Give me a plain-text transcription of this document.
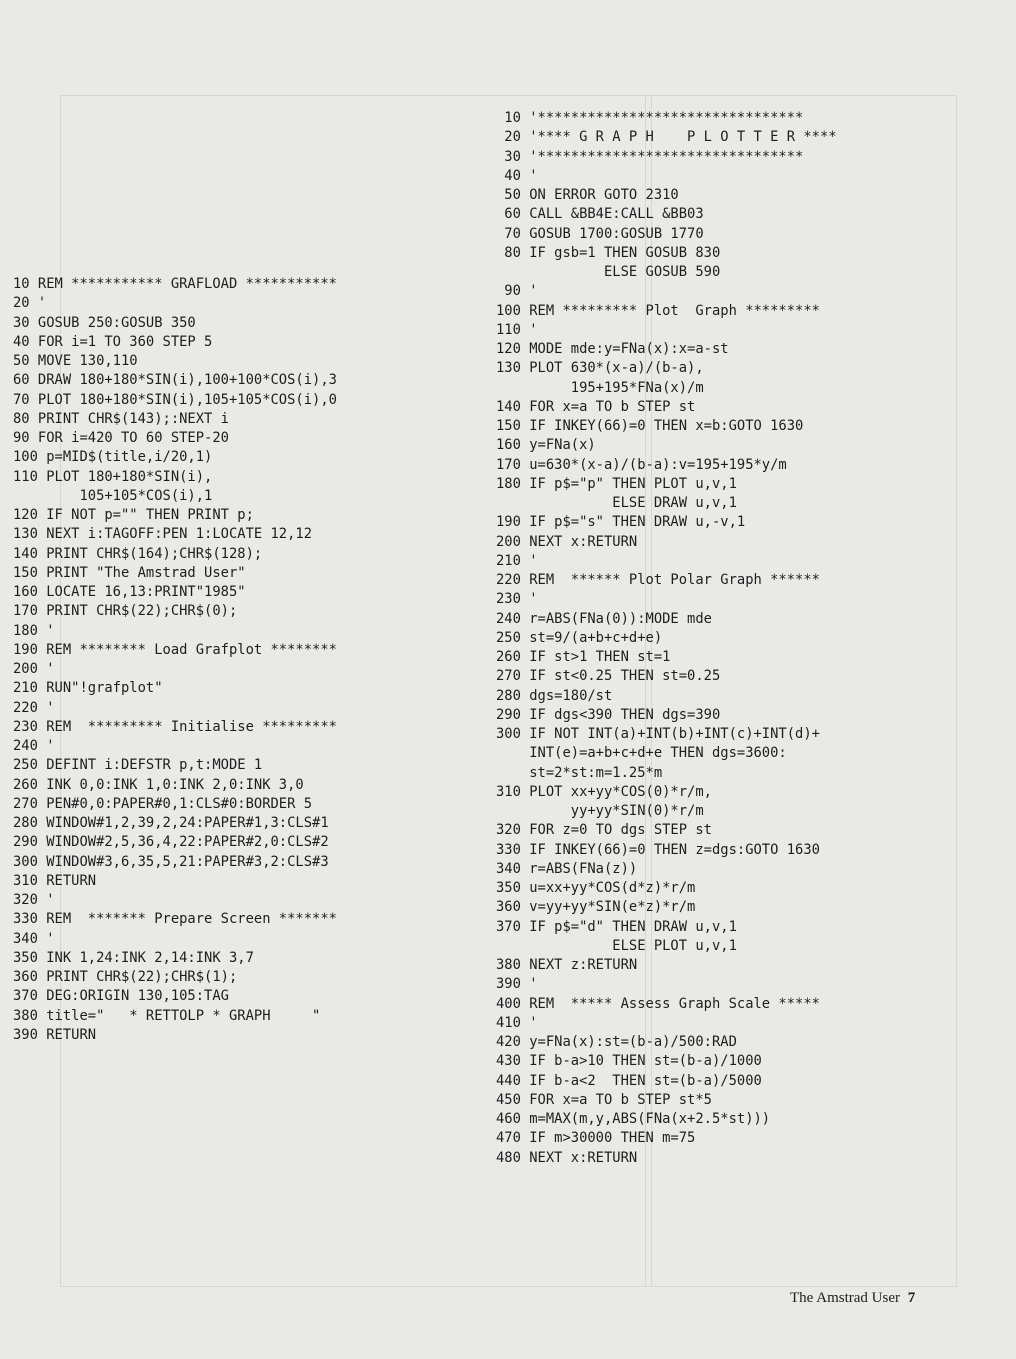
10 REM *********** GRAFLOAD ***********
20 '
30 GOSUB 250:GOSUB 350
40 FOR i=1 TO 360 STEP 5
50 MOVE 130,110
60 DRAW 180+180*SIN(i),100+100*COS(i),3
70 PLOT 180+180*SIN(i),105+105*COS(i),0
80 PRINT CHR$(143);:NEXT i
90 FOR i=420 TO 60 STEP-20
100 p=MID$(title,i/20,1)
110 PLOT 180+180*SIN(i),
105+105*COS(i),1
120 IF NOT p="" THEN PRINT p;
130 NEXT i:TAGOFF:PEN 1:LOCATE 12,12
140 PRINT CHR$(164);CHR$(128);
150 PRINT "The Amstrad User"
160 LOCATE 16,13:PRINT"1985"
170 PRINT CHR$(22);CHR$(0);
180 '
190 REM ******** Load Grafplot ********
200 '
210 RUN"!grafplot"
220 '
230 REM  ********* Initialise *********
240 '
250 DEFINT i:DEFSTR p,t:MODE 1
260 INK 0,0:INK 1,0:INK 2,0:INK 3,0
270 PEN#0,0:PAPER#0,1:CLS#0:BORDER 5
280 WINDOW#1,2,39,2,24:PAPER#1,3:CLS#1
290 WINDOW#2,5,36,4,22:PAPER#2,0:CLS#2
300 WINDOW#3,6,35,5,21:PAPER#3,2:CLS#3
310 RETURN
320 '
330 REM  ******* Prepare Screen *******
340 '
350 INK 1,24:INK 2,14:INK 3,7
360 PRINT CHR$(22);CHR$(1);
370 DEG:ORIGIN 130,105:TAG
380 title="   * RETTOLP * GRAPH     "
390 RETURN
10 '********************************
20 '**** G R A P H    P L O T T E R ****
30 '********************************
40 '
50 ON ERROR GOTO 2310
60 CALL &BB4E:CALL &BB03
70 GOSUB 1700:GOSUB 1770
80 IF gsb=1 THEN GOSUB 830
ELSE GOSUB 590
90 '
100 REM ********* Plot  Graph *********
110 '
120 MODE mde:y=FNa(x):x=a-st
130 PLOT 630*(x-a)/(b-a),
195+195*FNa(x)/m
140 FOR x=a TO b STEP st
150 IF INKEY(66)=0 THEN x=b:GOTO 1630
160 y=FNa(x)
170 u=630*(x-a)/(b-a):v=195+195*y/m
180 IF p$="p" THEN PLOT u,v,1
ELSE DRAW u,v,1
190 IF p$="s" THEN DRAW u,-v,1
200 NEXT x:RETURN
210 '
220 REM  ****** Plot Polar Graph ******
230 '
240 r=ABS(FNa(0)):MODE mde
250 st=9/(a+b+c+d+e)
260 IF st>1 THEN st=1
270 IF st<0.25 THEN st=0.25
280 dgs=180/st
290 IF dgs<390 THEN dgs=390
300 IF NOT INT(a)+INT(b)+INT(c)+INT(d)+
INT(e)=a+b+c+d+e THEN dgs=3600:
st=2*st:m=1.25*m
310 PLOT xx+yy*COS(0)*r/m,
yy+yy*SIN(0)*r/m
320 FOR z=0 TO dgs STEP st
330 IF INKEY(66)=0 THEN z=dgs:GOTO 1630
340 r=ABS(FNa(z))
350 u=xx+yy*COS(d*z)*r/m
360 v=yy+yy*SIN(e*z)*r/m
370 IF p$="d" THEN DRAW u,v,1
ELSE PLOT u,v,1
380 NEXT z:RETURN
390 '
400 REM  ***** Assess Graph Scale *****
410 '
420 y=FNa(x):st=(b-a)/500:RAD
430 IF b-a>10 THEN st=(b-a)/1000
440 IF b-a<2  THEN st=(b-a)/5000
450 FOR x=a TO b STEP st*5
460 m=MAX(m,y,ABS(FNa(x+2.5*st)))
470 IF m>30000 THEN m=75
480 NEXT x:RETURN
The Amstrad User 7
